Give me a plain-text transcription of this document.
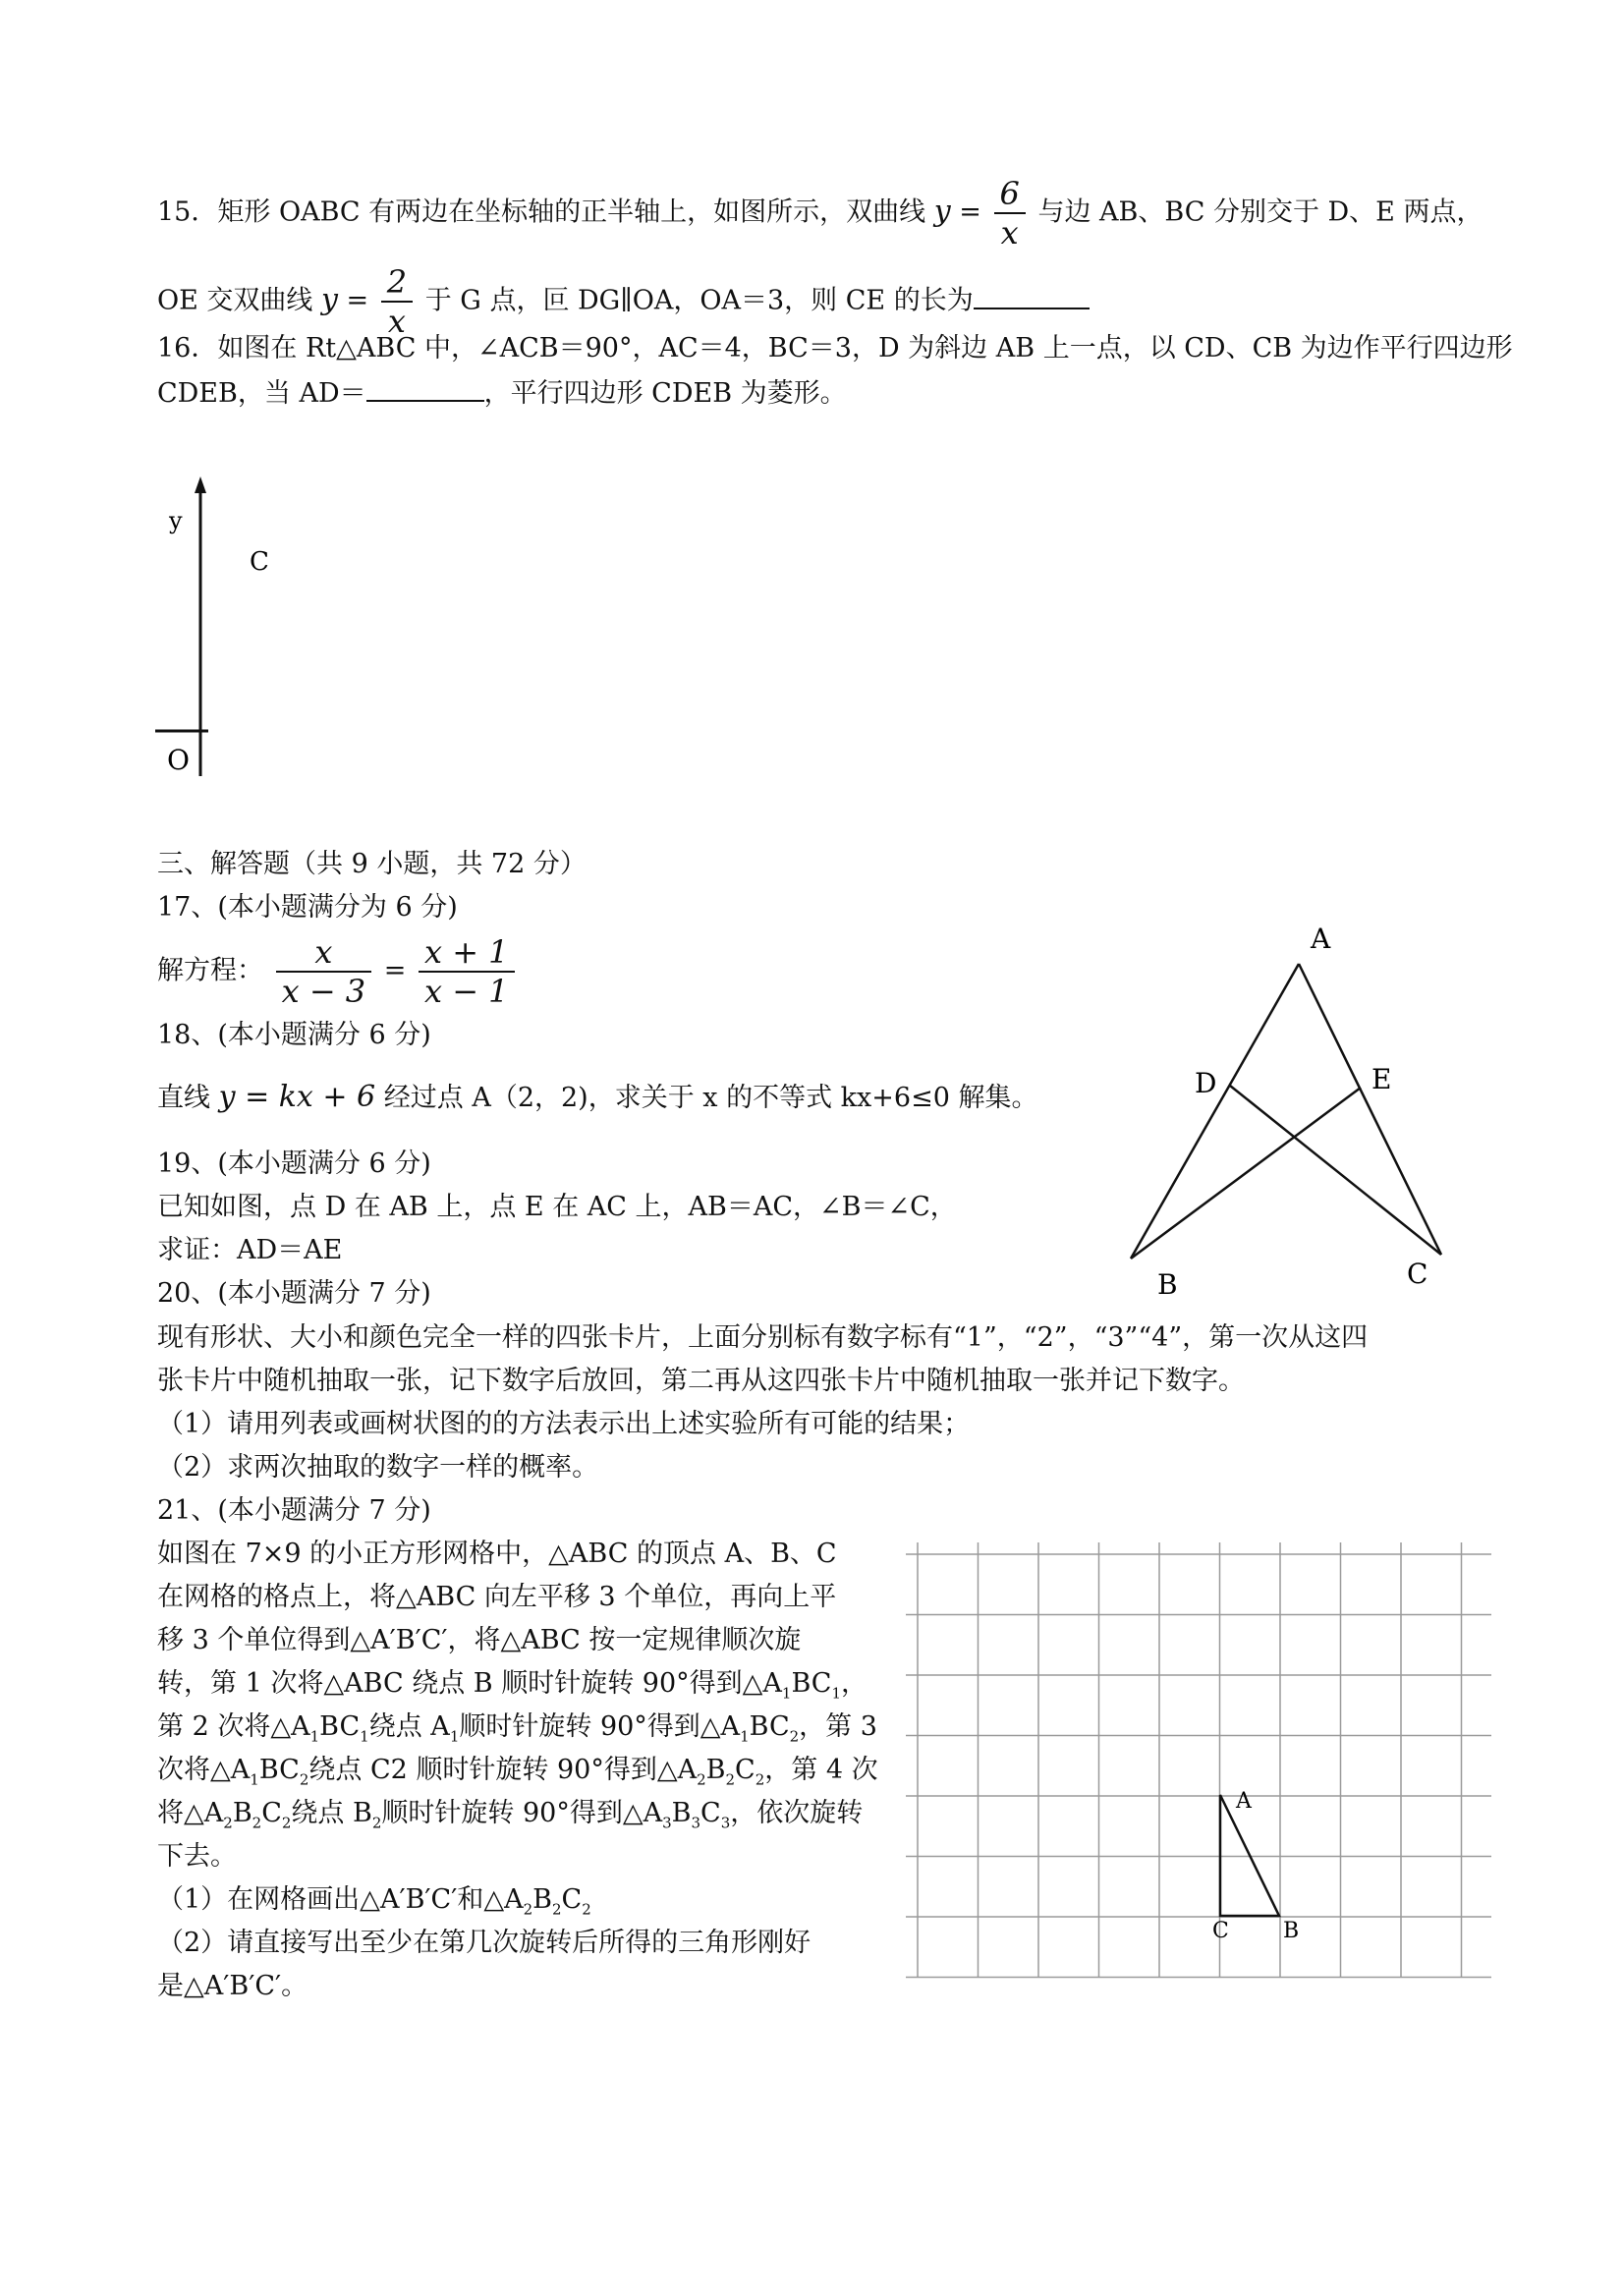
15．矩形 OABC 有两边在坐标轴的正半轴上，如图所示，双曲线 $y = \frac{6}{x}$ 与边 AB、BC 分别交于 D、E 两点，
OE 交双曲线 $y = \frac{2}{x}$ 于 G 点，叵 DG∥OA，OA＝3，则 CE 的长为
16．如图在 Rt△ABC 中，∠ACB＝90°，AC＝4，BC＝3，D 为斜边 AB 上一点，以 CD、CB 为边作平行四边形
CDEB，当 AD＝	，平行四边形 CDEB 为菱形。
y
C
O
三、解答题（共 9 小题，共 72 分）
17、(本小题满分为 6 分)
解方程： $\frac{x}{x - 3} = \frac{x + 1}{x - 1}$
18、(本小题满分 6 分)
直线 y = kx + 6 经过点 A（2，2)，求关于 x 的不等式 kx+6≤0 解集。
19、(本小题满分 6 分)
已知如图，点 D 在 AB 上，点 E 在 AC 上，AB＝AC，∠B＝∠C，
求证：AD＝AE
A
D	E
B	C
20、(本小题满分 7 分)
现有形状、大小和颜色完全一样的四张卡片，上面分别标有数字标有“1”，“2”，“3”“4”，第一次从这四
张卡片中随机抽取一张，记下数字后放回，第二再从这四张卡片中随机抽取一张并记下数字。
（1）请用列表或画树状图的的方法表示出上述实验所有可能的结果；
（2）求两次抽取的数字一样的概率。
21、(本小题满分 7 分)
如图在 7×9 的小正方形网格中，△ABC 的顶点 A、B、C
在网格的格点上，将△ABC 向左平移 3 个单位，再向上平
移 3 个单位得到△A′B′C′，将△ABC 按一定规律顺次旋
转，第 1 次将△ABC 绕点 B 顺时针旋转 90°得到$\triangle A_1BC_1$，
第 2 次将$\triangle A_1BC_1$绕点 $A_1$顺时针旋转 90°得到$\triangle A_1BC_2$，第 3
次将$\triangle A_1BC_2$绕点 C2 顺时针旋转 90°得到$\triangle A_2B_2C_2$，第 4 次
将$\triangle A_2B_2C_2$绕点 $B_2$顺时针旋转 90°得到$\triangle A_3B_3C_3$，依次旋转
下去。
（1）在网格画出△A′B′C′和$\triangle A_2B_2C_2$
（2）请直接写出至少在第几次旋转后所得的三角形刚好
是△A′B′C′。
A
C	B
